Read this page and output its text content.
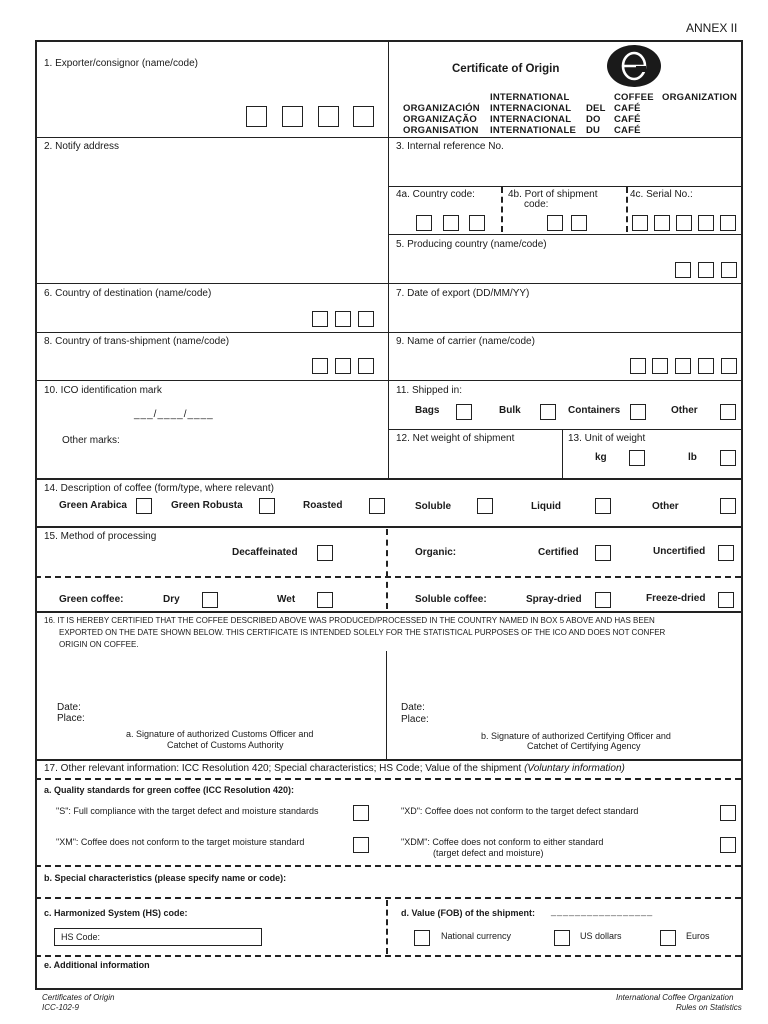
ANNEX II
1. Exporter/consignor (name/code)	Certificate of Origin
INTERNATIONAL	COFFEE ORGANIZATION
ORGANIZACIÓN INTERNACIONAL DEL CAFÉ
ORGANIZAÇÃO INTERNACIONAL DO CAFÉ
ORGANISATION INTERNATIONALE DU CAFÉ
2. Notify address	3. Internal reference No.
4a. Country code:	4b. Port of shipment
code:
4c. Serial No.:
5. Producing country (name/code)
6. Country of destination (name/code)	7. Date of export (DD/MM/YY)
8. Country of trans-shipment (name/code)	9. Name of carrier (name/code)
10. ICO identification mark
___/____/____
Other marks:
11. Shipped in:
Bags	Bulk	Containers	Other
12. Net weight of shipment	13. Unit of weight
kg	lb
14. Description of coffee (form/type, where relevant)
Green Arabica	Green Robusta	Roasted	Soluble	Liquid	Other
15. Method of processing
Decaffeinated	Organic:	Certified	Uncertified
Green coffee:	Dry	Wet	Soluble coffee:	Spray-dried	Freeze-dried
16. IT IS HEREBY CERTIFIED THAT THE COFFEE DESCRIBED ABOVE WAS PRODUCED/PROCESSED IN THE COUNTRY NAMED IN BOX 5 ABOVE AND HAS BEEN
EXPORTED ON THE DATE SHOWN BELOW. THIS CERTIFICATE IS INTENDED SOLELY FOR THE STATISTICAL PURPOSES OF THE ICO AND DOES NOT CONFER
ORIGIN ON COFFEE.
Date:
Place:
a. Signature of authorized Customs Officer and
Catchet of Customs Authority
Date:
Place:
b. Signature of authorized Certifying Officer and
Catchet of Certifying Agency
17. Other relevant information: ICC Resolution 420; Special characteristics; HS Code; Value of the shipment (Voluntary information)
a. Quality standards for green coffee (ICC Resolution 420):
"S": Full compliance with the target defect and moisture standards	"XD": Coffee does not conform to the target defect standard
"XM": Coffee does not conform to the target moisture standard	"XDM": Coffee does not conform to either standard
(target defect and moisture)
b. Special characteristics (please specify name or code):
c. Harmonized System (HS) code:
HS Code:
d. Value (FOB) of the shipment: _________________
National currency	US dollars	Euros
e. Additional information
Certificates of Origin
ICC-102-9
International Coffee Organization
Rules on Statistics
